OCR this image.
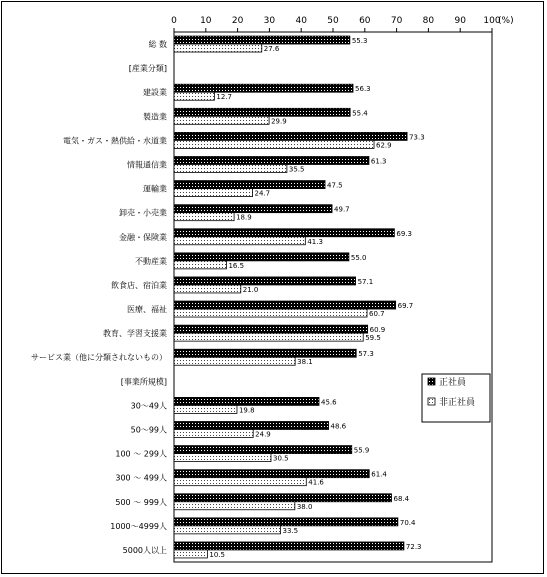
0	10 20 30 40 50 60 70 80 90 100
(%)
総 数	55.3
27.6
[産業分類]
建設業	56.3
12.7
製造業	55.4
29.9
電気・ガス・熱供給・水道業	73.3
62.9
情報通信業	61.3
35.5
運輸業	47.5
24.7
卸売・小売業	49.7
18.9
金融・保険業	69.3
41.3
不動産業	55.0
16.5
飲食店、宿泊業	57.1
21.0
医療、福祉	69.7
60.7
教育、学習支援業	60.9
59.5
サービス業（他に分類されないもの）	57.3
38.1
[事業所規模]
30～49人	45.6
19.8
50～99人	48.6
24.9
100 ～ 299人	55.9
30.5
300 ～ 499人	61.4
41.6
500 ～ 999人	68.4
38.0
1000～4999人	70.4
33.5
5000人以上	72.3
10.5
正社員
非正社員
